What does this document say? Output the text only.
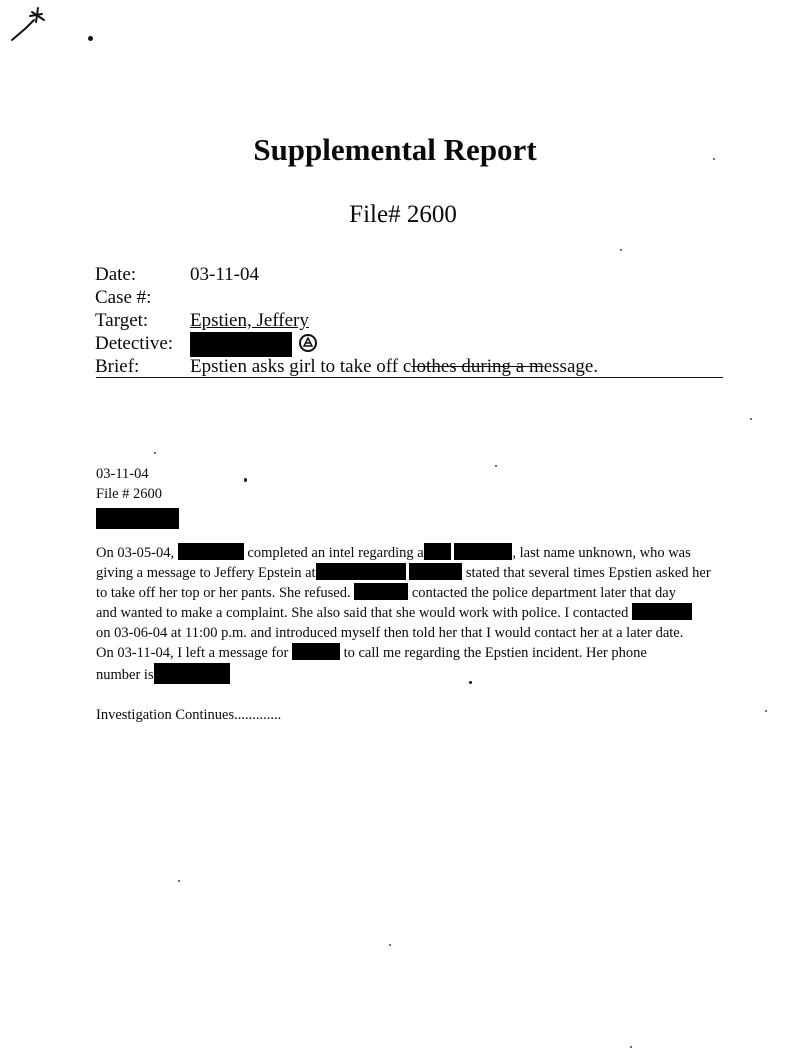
Supplemental Report
File# 2600
Date:	03-11-04
Case #:
Target: Epstien, Jeffery
Detective:

Brief:	Epstien asks girl to take off clothes during a message.
03-11-04
File # 2600
On 03-05-04,	completed an intel regarding a	, last name unknown, who was
giving a message to Jeffery Epstein at	stated that several times Epstien asked her
to take off her top or her pants. She refused.	contacted the police department later that day
and wanted to make a complaint. She also said that she would work with police. I contacted
on 03-06-04 at 11:00 p.m. and introduced myself then told her that I would contact her at a later date.
On 03-11-04, I left a message for	to call me regarding the Epstien incident. Her phone
number is
Investigation Continues.............
